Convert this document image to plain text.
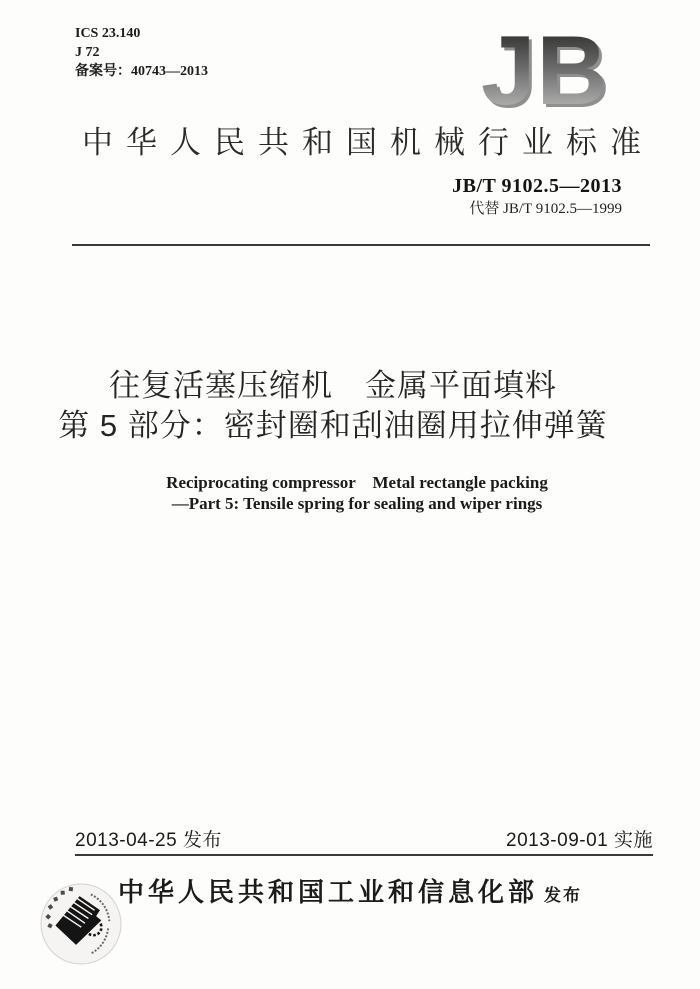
ICS 23.140
J 72
备案号：40743—2013	JB
中华人民共和国机械行业标准
JB/T 9102.5—2013
代替 JB/T 9102.5—1999
往复活塞压缩机　金属平面填料
第 5 部分：密封圈和刮油圈用拉伸弹簧
Reciprocating compressor　Metal rectangle packing
—Part 5: Tensile spring for sealing and wiper rings
2013-04-25 发布	2013-09-01 实施
中华人民共和国工业和信息化部 发布
